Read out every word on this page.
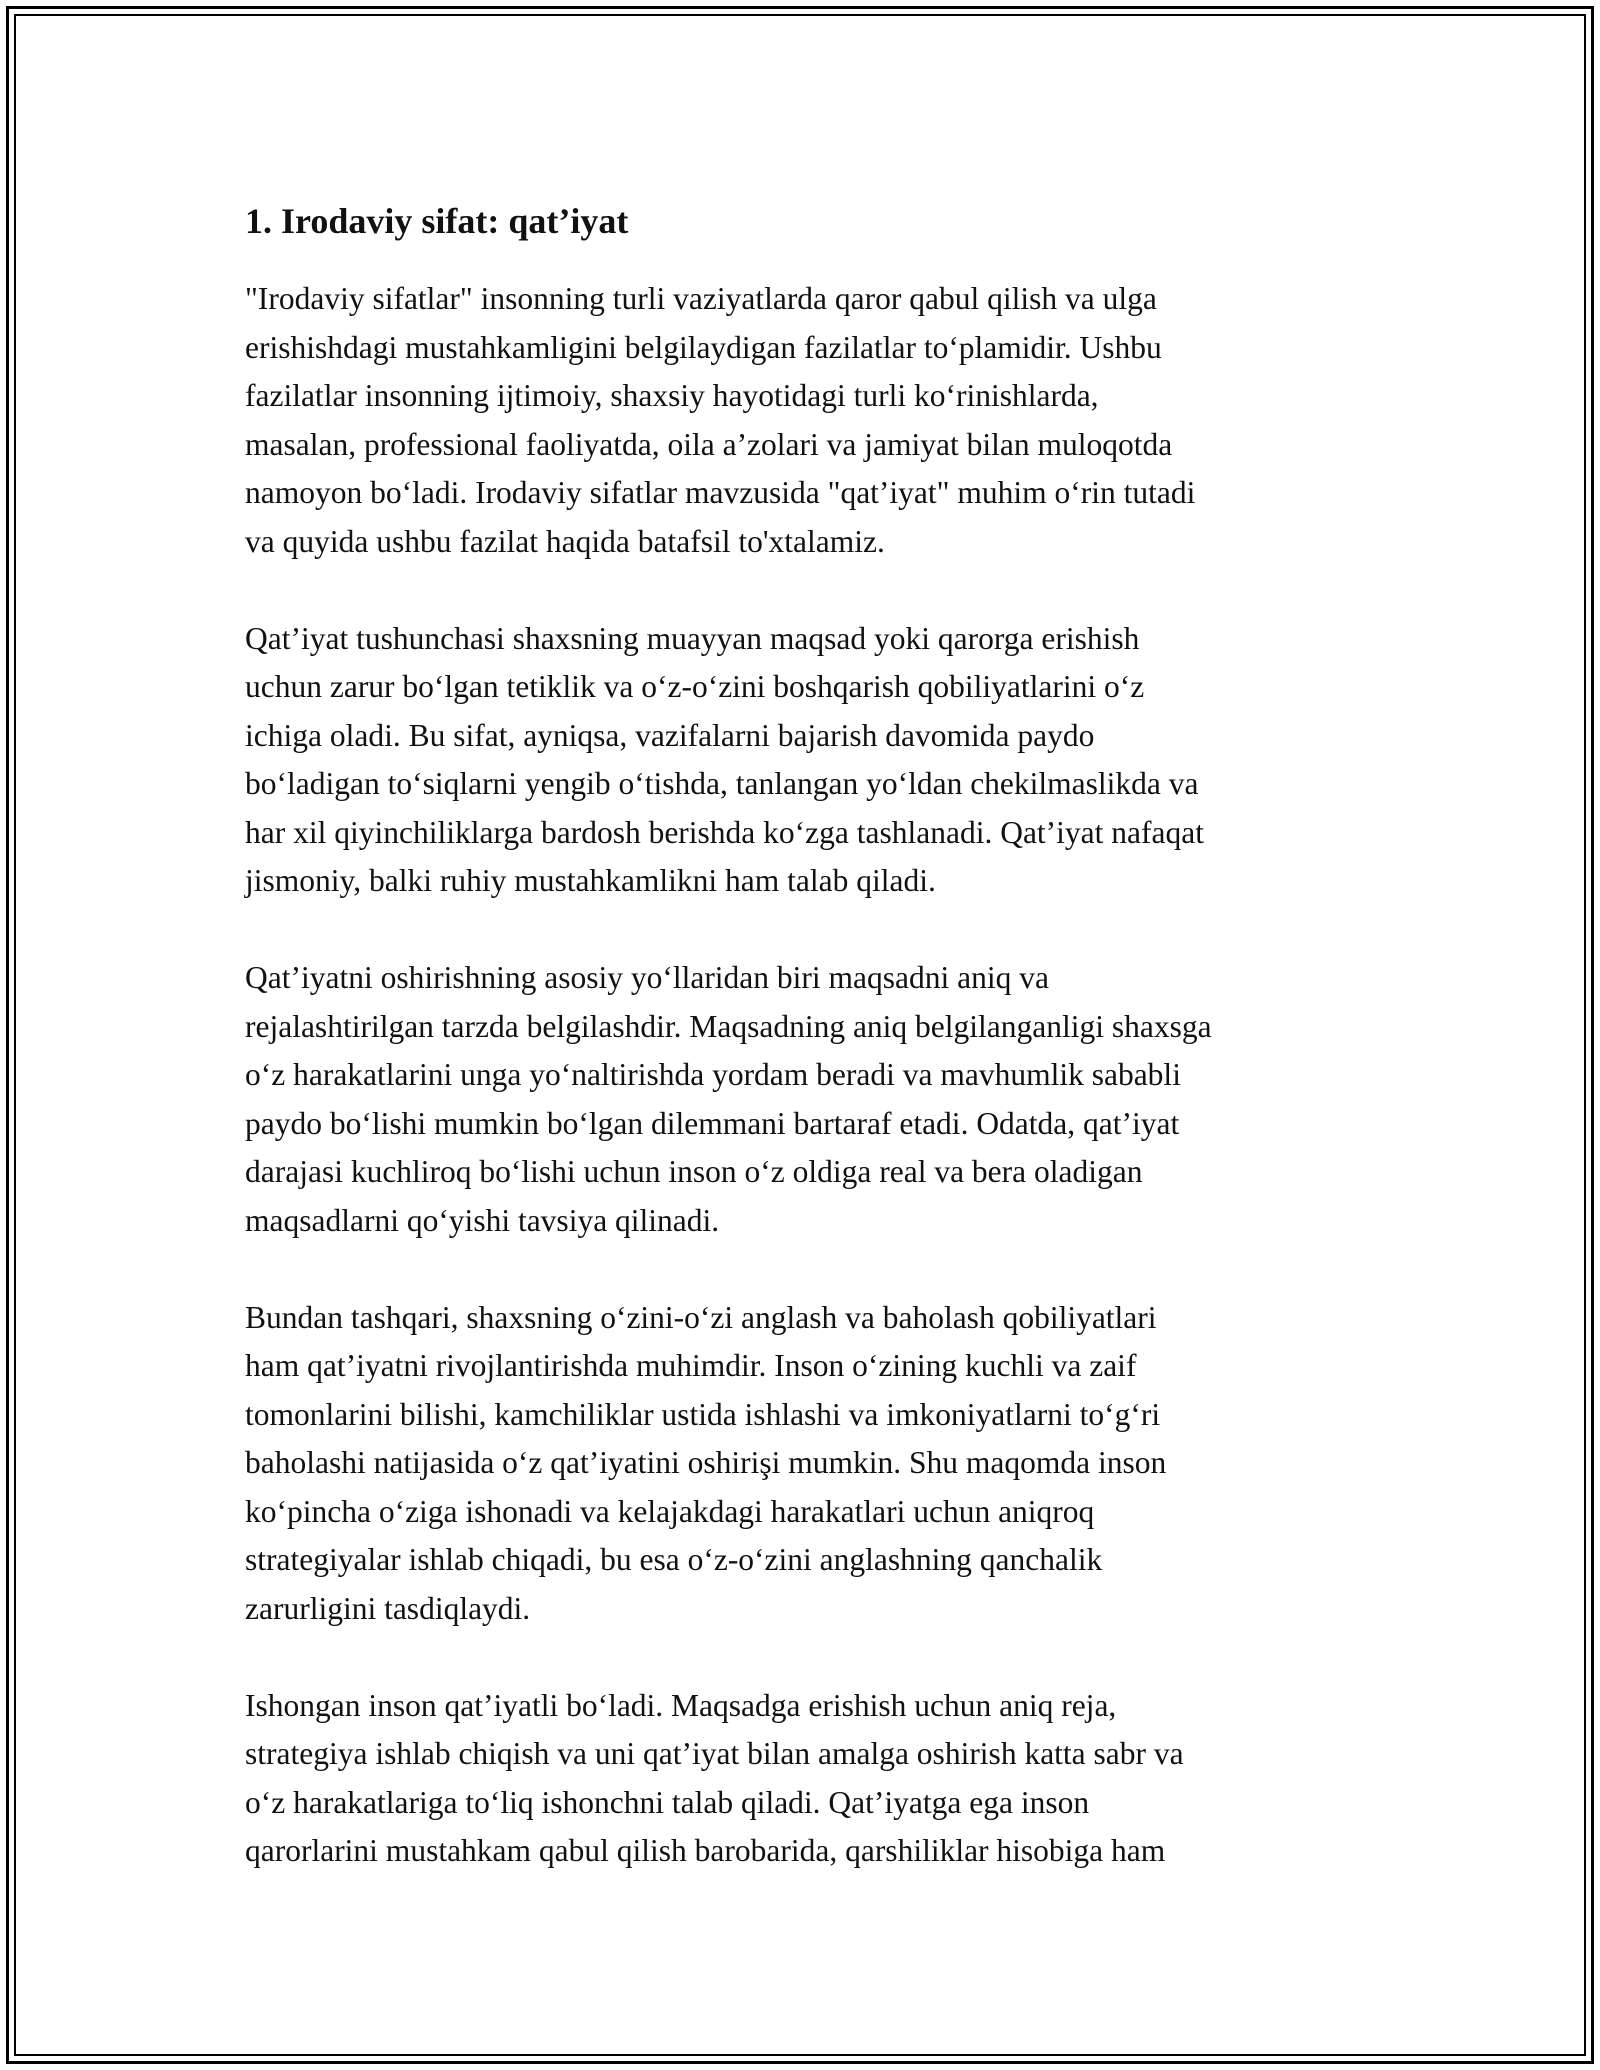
1. Irodaviy sifat: qat’iyat
"Irodaviy sifatlar" insonning turli vaziyatlarda qaror qabul qilish va ulga
erishishdagi mustahkamligini belgilaydigan fazilatlar to‘plamidir. Ushbu
fazilatlar insonning ijtimoiy, shaxsiy hayotidagi turli ko‘rinishlarda,
masalan, professional faoliyatda, oila a’zolari va jamiyat bilan muloqotda
namoyon bo‘ladi. Irodaviy sifatlar mavzusida "qat’iyat" muhim o‘rin tutadi
va quyida ushbu fazilat haqida batafsil to'xtalamiz.
Qat’iyat tushunchasi shaxsning muayyan maqsad yoki qarorga erishish
uchun zarur bo‘lgan tetiklik va o‘z-o‘zini boshqarish qobiliyatlarini o‘z
ichiga oladi. Bu sifat, ayniqsa, vazifalarni bajarish davomida paydo
bo‘ladigan to‘siqlarni yengib o‘tishda, tanlangan yo‘ldan chekilmaslikda va
har xil qiyinchiliklarga bardosh berishda ko‘zga tashlanadi. Qat’iyat nafaqat
jismoniy, balki ruhiy mustahkamlikni ham talab qiladi.
Qat’iyatni oshirishning asosiy yo‘llaridan biri maqsadni aniq va
rejalashtirilgan tarzda belgilashdir. Maqsadning aniq belgilanganligi shaxsga
o‘z harakatlarini unga yo‘naltirishda yordam beradi va mavhumlik sababli
paydo bo‘lishi mumkin bo‘lgan dilemmani bartaraf etadi. Odatda, qat’iyat
darajasi kuchliroq bo‘lishi uchun inson o‘z oldiga real va bera oladigan
maqsadlarni qo‘yishi tavsiya qilinadi.
Bundan tashqari, shaxsning o‘zini-o‘zi anglash va baholash qobiliyatlari
ham qat’iyatni rivojlantirishda muhimdir. Inson o‘zining kuchli va zaif
tomonlarini bilishi, kamchiliklar ustida ishlashi va imkoniyatlarni to‘g‘ri
baholashi natijasida o‘z qat’iyatini oshirişi mumkin. Shu maqomda inson
ko‘pincha o‘ziga ishonadi va kelajakdagi harakatlari uchun aniqroq
strategiyalar ishlab chiqadi, bu esa o‘z-o‘zini anglashning qanchalik
zarurligini tasdiqlaydi.
Ishongan inson qat’iyatli bo‘ladi. Maqsadga erishish uchun aniq reja,
strategiya ishlab chiqish va uni qat’iyat bilan amalga oshirish katta sabr va
o‘z harakatlariga to‘liq ishonchni talab qiladi. Qat’iyatga ega inson
qarorlarini mustahkam qabul qilish barobarida, qarshiliklar hisobiga ham
